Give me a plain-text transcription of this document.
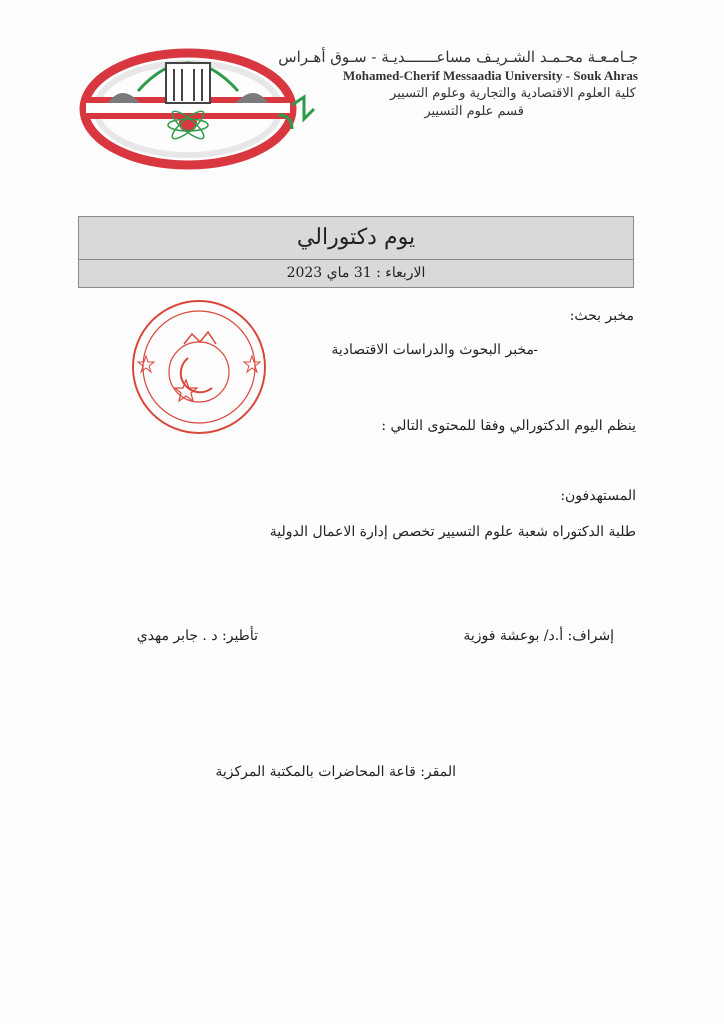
جـامـعـة محـمـد الشـريـف مساعـــــــديـة - سـوق أهـراس
Mohamed-Cherif Messaadia University - Souk Ahras
كلية العلوم الاقتصادية والتجارية وعلوم التسيير
قسم علوم التسيير
يوم دكتورالي
الاربعاء : 31 ماي 2023
مخبر بحث:
-
مخبر البحوث والدراسات الاقتصادية
ينظم اليوم الدكتورالي وفقا للمحتوى التالي :
المستهدفون:
طلبة الدكتوراه شعبة علوم التسيير تخصص إدارة الاعمال الدولية
إشراف: أ.د/ بوعشة فوزية
تأطير: د . جابر مهدي
المقر: قاعة المحاضرات بالمكتبة المركزية
